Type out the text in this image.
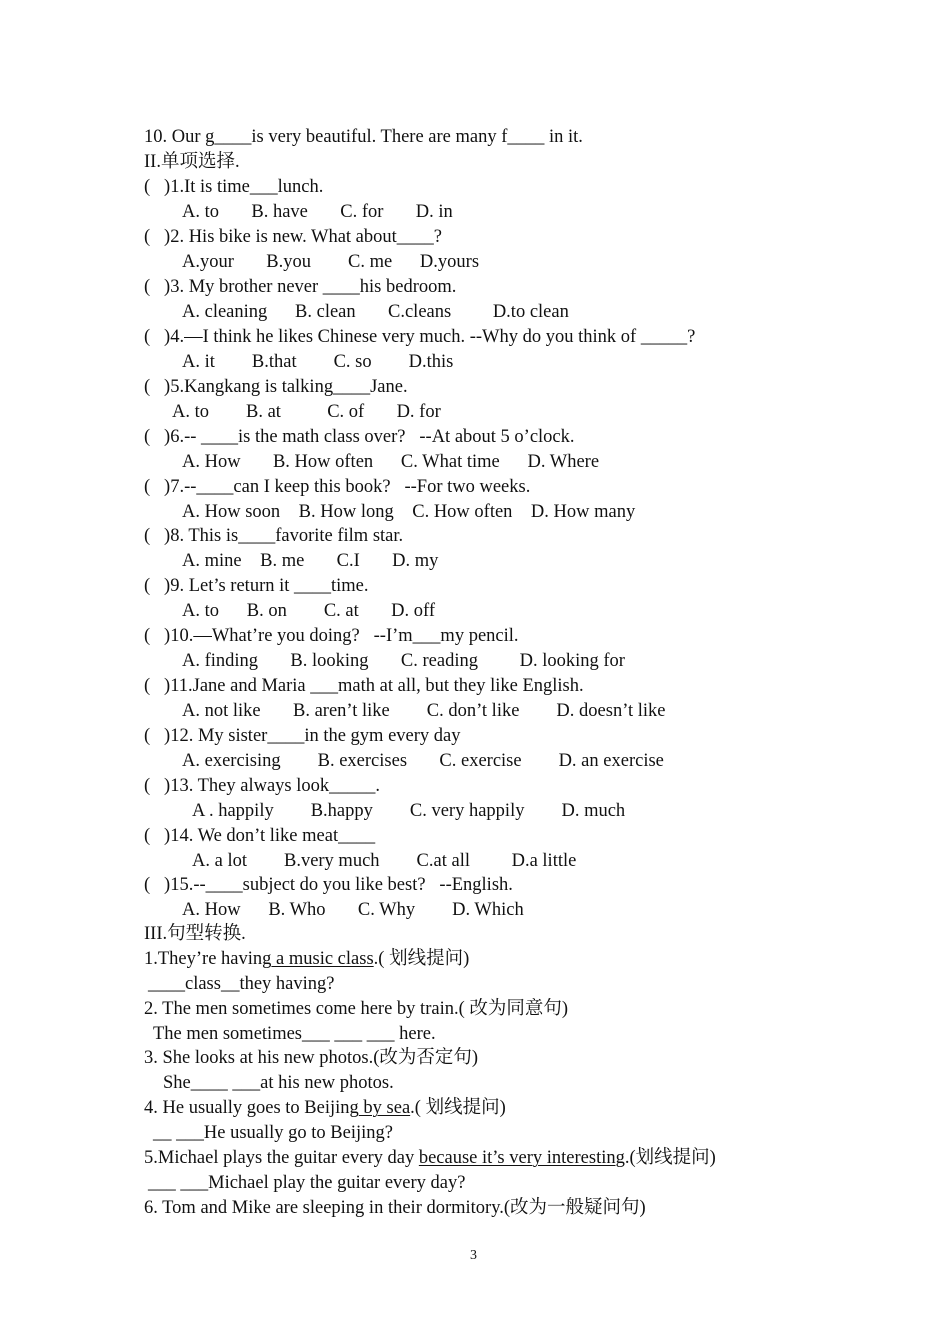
10. Our g____is very beautiful. There are many f____ in it.
II.单项选择.
(   )1.It is time___lunch.
A. to       B. have       C. for       D. in
(   )2. His bike is new. What about____?
A.your       B.you        C. me      D.yours
(   )3. My brother never ____his bedroom.
A. cleaning      B. clean       C.cleans         D.to clean
(   )4.—I think he likes Chinese very much. --Why do you think of _____?
A. it        B.that        C. so        D.this
(   )5.Kangkang is talking____Jane.
A. to        B. at          C. of       D. for
(   )6.-- ____is the math class over?   --At about 5 o’clock.
A. How       B. How often      C. What time      D. Where
(   )7.--____can I keep this book?   --For two weeks.
A. How soon    B. How long    C. How often    D. How many
(   )8. This is____favorite film star.
A. mine    B. me       C.I       D. my
(   )9. Let’s return it ____time.
A. to      B. on        C. at       D. off
(   )10.—What’re you doing?   --I’m___my pencil.
A. finding       B. looking       C. reading         D. looking for
(   )11.Jane and Maria ___math at all, but they like English.
A. not like       B. aren’t like        C. don’t like        D. doesn’t like
(   )12. My sister____in the gym every day
A. exercising        B. exercises       C. exercise        D. an exercise
(   )13. They always look_____.
A . happily        B.happy        C. very happily        D. much
(   )14. We don’t like meat____
A. a lot        B.very much        C.at all         D.a little
(   )15.--____subject do you like best?   --English.
A. How      B. Who       C. Why        D. Which
III.句型转换.
1.They’re having a music class.( 划线提问)
____class__they having?
2. The men sometimes come here by train.( 改为同意句)
The men sometimes___ ___ ___ here.
3. She looks at his new photos.(改为否定句)
She____ ___at his new photos.
4. He usually goes to Beijing by sea.( 划线提问)
__ ___He usually go to Beijing?
5.Michael plays the guitar every day because it’s very interesting.(划线提问)
___ ___Michael play the guitar every day?
6. Tom and Mike are sleeping in their dormitory.(改为一般疑问句)
3
